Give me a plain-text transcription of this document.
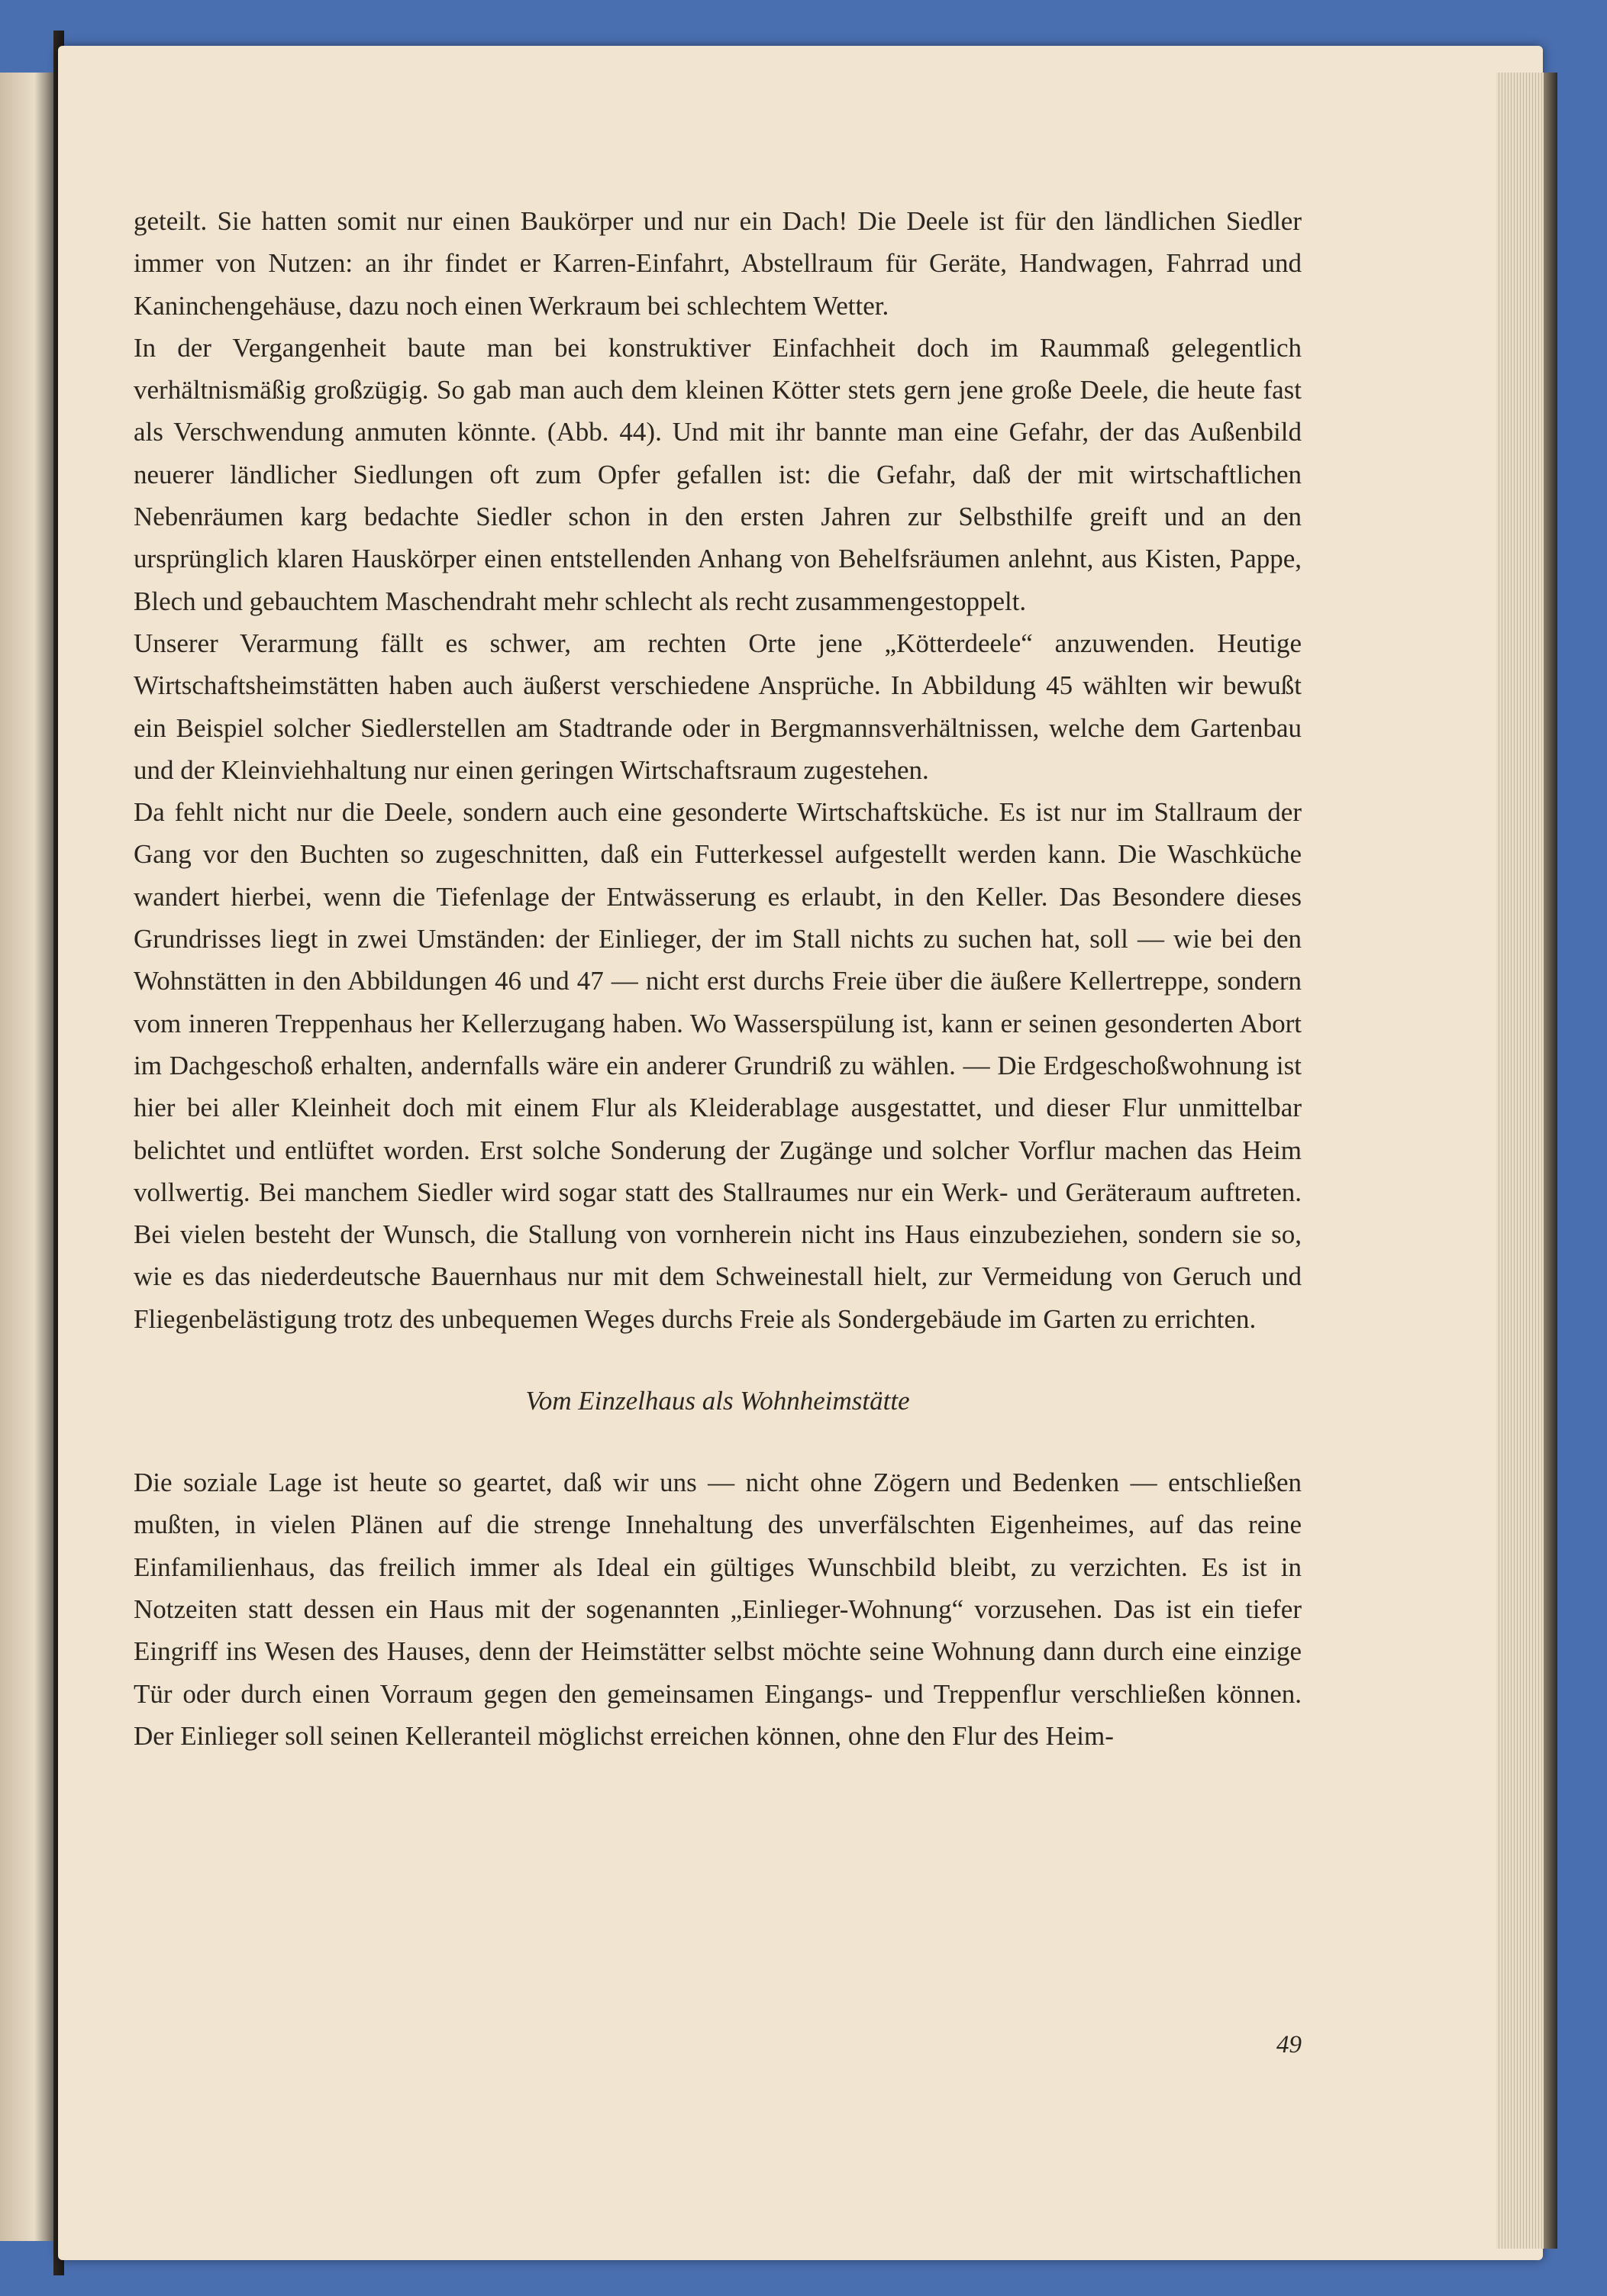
geteilt. Sie hatten somit nur einen Baukörper und nur ein Dach! Die Deele ist für den ländlichen Siedler immer von Nutzen: an ihr findet er Karren-Einfahrt, Abstellraum für Geräte, Handwagen, Fahrrad und Kaninchengehäuse, dazu noch einen Werkraum bei schlechtem Wetter.

In der Vergangenheit baute man bei konstruktiver Einfachheit doch im Raummaß gelegentlich verhältnismäßig großzügig. So gab man auch dem kleinen Kötter stets gern jene große Deele, die heute fast als Verschwendung anmuten könnte. (Abb. 44). Und mit ihr bannte man eine Gefahr, der das Außenbild neuerer ländlicher Siedlungen oft zum Opfer gefallen ist: die Gefahr, daß der mit wirtschaftlichen Nebenräumen karg bedachte Siedler schon in den ersten Jahren zur Selbsthilfe greift und an den ursprünglich klaren Hauskörper einen entstellenden Anhang von Behelfsräumen anlehnt, aus Kisten, Pappe, Blech und gebauchtem Maschendraht mehr schlecht als recht zusammengestoppelt.

Unserer Verarmung fällt es schwer, am rechten Orte jene „Kötterdeele“ anzuwenden. Heutige Wirtschaftsheimstätten haben auch äußerst verschiedene Ansprüche. In Abbildung 45 wählten wir bewußt ein Beispiel solcher Siedlerstellen am Stadtrande oder in Bergmannsverhältnissen, welche dem Gartenbau und der Kleinviehhaltung nur einen geringen Wirtschaftsraum zugestehen.

Da fehlt nicht nur die Deele, sondern auch eine gesonderte Wirtschaftsküche. Es ist nur im Stallraum der Gang vor den Buchten so zugeschnitten, daß ein Futterkessel aufgestellt werden kann. Die Waschküche wandert hierbei, wenn die Tiefenlage der Entwässerung es erlaubt, in den Keller. Das Besondere dieses Grundrisses liegt in zwei Umständen: der Einlieger, der im Stall nichts zu suchen hat, soll — wie bei den Wohnstätten in den Abbildungen 46 und 47 — nicht erst durchs Freie über die äußere Kellertreppe, sondern vom inneren Treppenhaus her Kellerzugang haben. Wo Wasserspülung ist, kann er seinen gesonderten Abort im Dachgeschoß erhalten, andernfalls wäre ein anderer Grundriß zu wählen. — Die Erdgeschoßwohnung ist hier bei aller Kleinheit doch mit einem Flur als Kleiderablage ausgestattet, und dieser Flur unmittelbar belichtet und entlüftet worden. Erst solche Sonderung der Zugänge und solcher Vorflur machen das Heim vollwertig. Bei manchem Siedler wird sogar statt des Stallraumes nur ein Werk- und Geräteraum auftreten. Bei vielen besteht der Wunsch, die Stallung von vornherein nicht ins Haus einzubeziehen, sondern sie so, wie es das niederdeutsche Bauernhaus nur mit dem Schweinestall hielt, zur Vermeidung von Geruch und Fliegenbelästigung trotz des unbequemen Weges durchs Freie als Sondergebäude im Garten zu errichten.

Vom Einzelhaus als Wohnheimstätte

Die soziale Lage ist heute so geartet, daß wir uns — nicht ohne Zögern und Bedenken — entschließen mußten, in vielen Plänen auf die strenge Innehaltung des unverfälschten Eigenheimes, auf das reine Einfamilienhaus, das freilich immer als Ideal ein gültiges Wunschbild bleibt, zu verzichten. Es ist in Notzeiten statt dessen ein Haus mit der sogenannten „Einlieger-Wohnung“ vorzusehen. Das ist ein tiefer Eingriff ins Wesen des Hauses, denn der Heimstätter selbst möchte seine Wohnung dann durch eine einzige Tür oder durch einen Vorraum gegen den gemeinsamen Eingangs- und Treppenflur verschließen können. Der Einlieger soll seinen Kelleranteil möglichst erreichen können, ohne den Flur des Heim-

49
